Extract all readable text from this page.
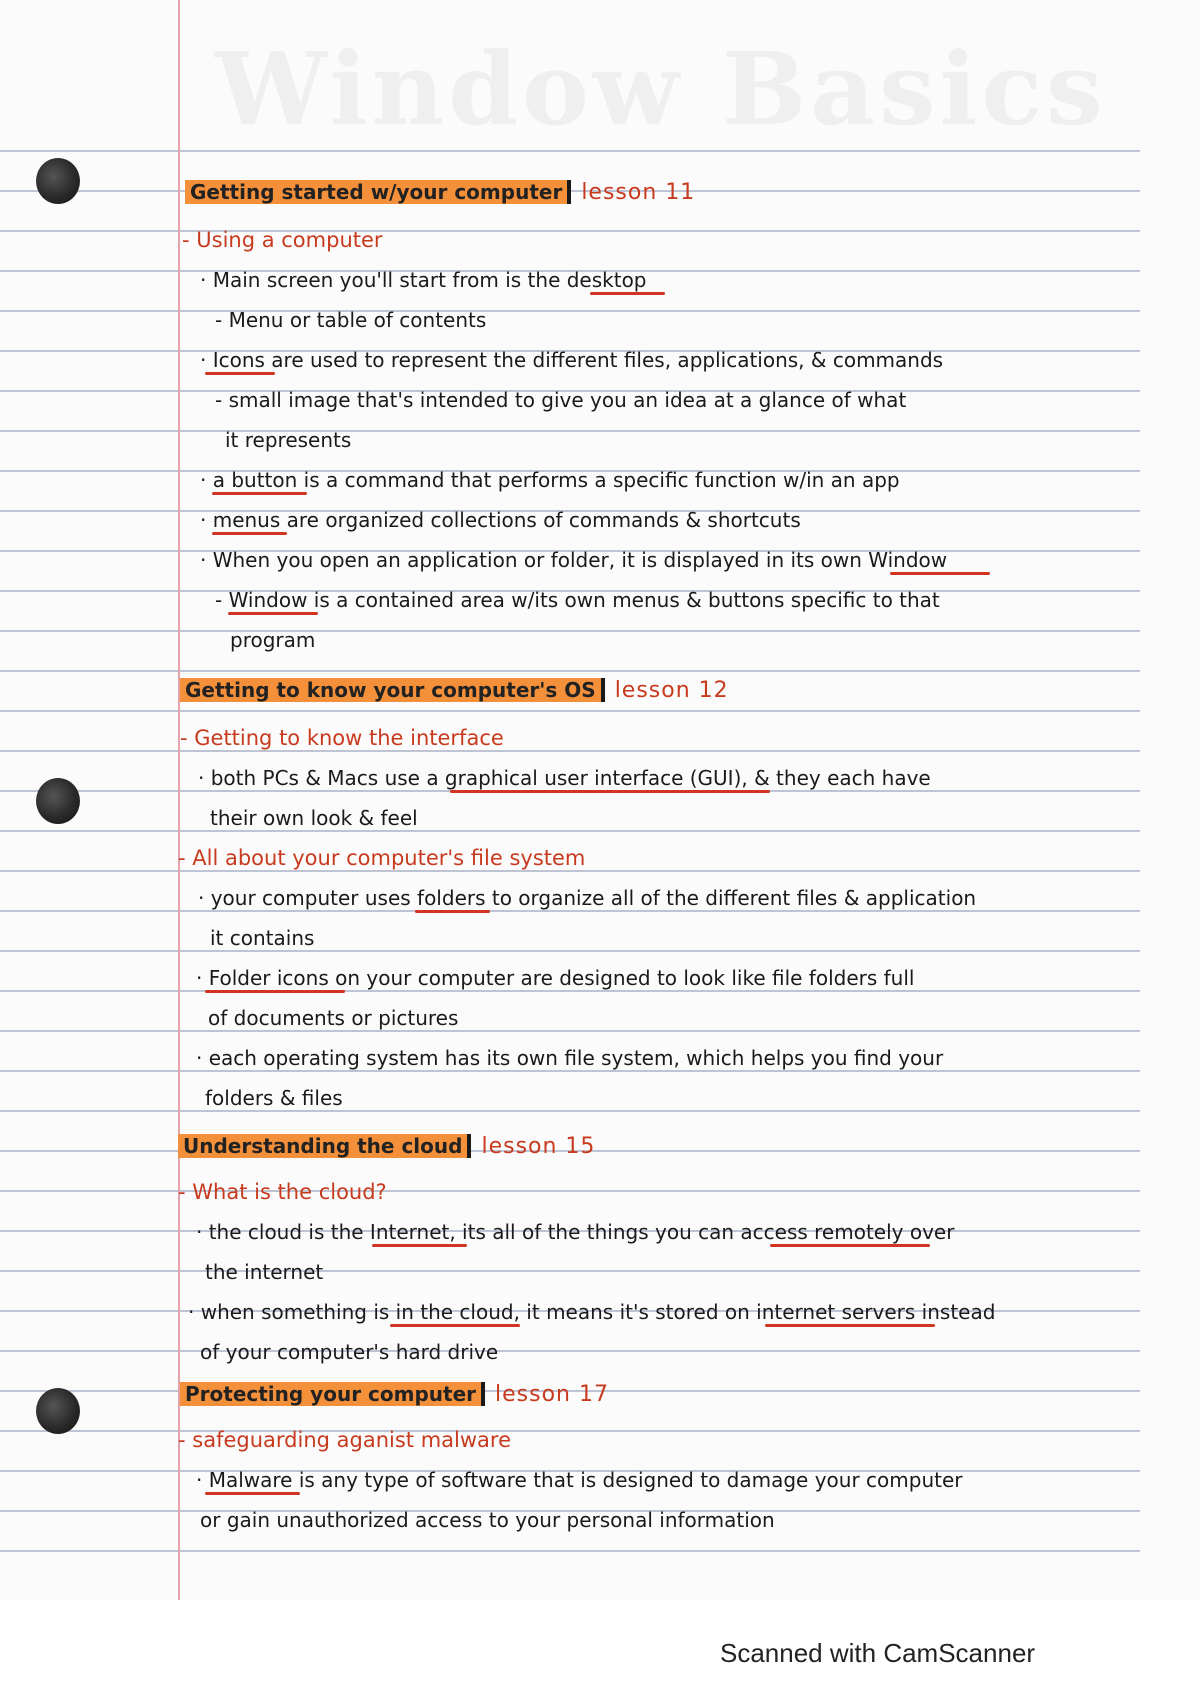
Getting started w/your computer lesson 11
- Using a computer
· Main screen you'll start from is the desktop
- Menu or table of contents
· Icons are used to represent the different files, applications, & commands
- small image that's intended to give you an idea at a glance of what
it represents
· a button is a command that performs a specific function w/in an app
· menus are organized collections of commands & shortcuts
· When you open an application or folder, it is displayed in its own Window
- Window is a contained area w/its own menus & buttons specific to that
program
Getting to know your computer's OS lesson 12
- Getting to know the interface
· both PCs & Macs use a graphical user interface (GUI), & they each have
their own look & feel
- All about your computer's file system
· your computer uses folders to organize all of the different files & application
it contains
· Folder icons on your computer are designed to look like file folders full
of documents or pictures
· each operating system has its own file system, which helps you find your
folders & files
Understanding the cloud lesson 15
- What is the cloud?
· the cloud is the Internet, its all of the things you can access remotely over
the internet
· when something is in the cloud, it means it's stored on internet servers instead
of your computer's hard drive
Protecting your computer lesson 17
- safeguarding aganist malware
· Malware is any type of software that is designed to damage your computer
or gain unauthorized access to your personal information
Scanned with CamScanner
